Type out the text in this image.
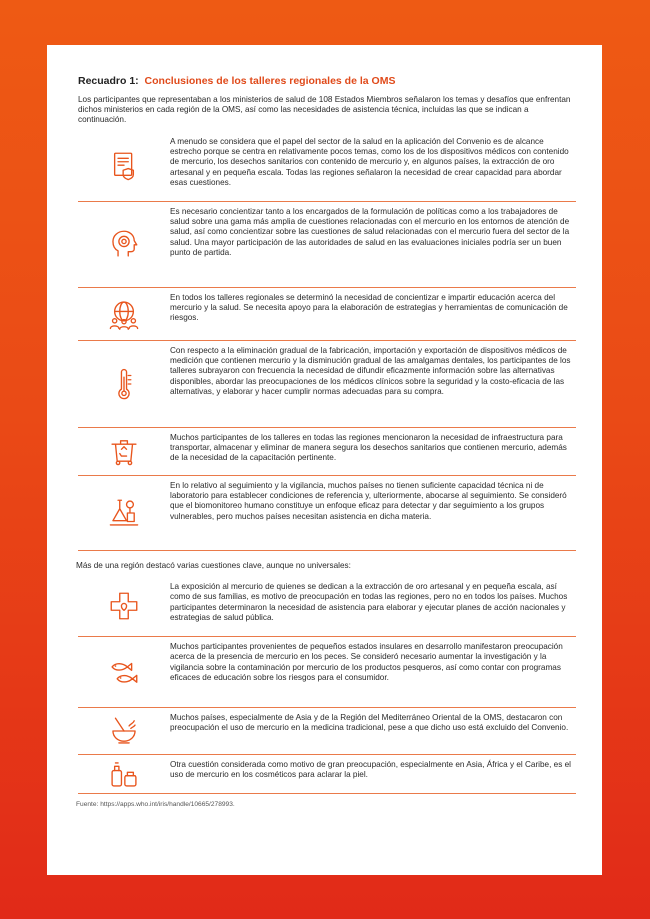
Recuadro 1: Conclusiones de los talleres regionales de la OMS

Los participantes que representaban a los ministerios de salud de 108 Estados Miembros señalaron los temas y desafíos que enfrentan dichos ministerios en cada región de la OMS, así como las necesidades de asistencia técnica, incluidas las que se indican a continuación.

A menudo se considera que el papel del sector de la salud en la aplicación del Convenio es de alcance estrecho porque se centra en relativamente pocos temas, como los de los dispositivos médicos con contenido de mercurio, los desechos sanitarios con contenido de mercurio y, en algunos países, la extracción de oro artesanal y en pequeña escala. Todas las regiones señalaron la necesidad de crear capacidad para abordar esas cuestiones.
Es necesario concientizar tanto a los encargados de la formulación de políticas como a los trabajadores de salud sobre una gama más amplia de cuestiones relacionadas con el mercurio en los entornos de atención de salud, así como concientizar sobre las cuestiones de salud relacionadas con el mercurio fuera del sector de la salud. Una mayor participación de las autoridades de salud en las evaluaciones iniciales podría ser un buen punto de partida.
En todos los talleres regionales se determinó la necesidad de concientizar e impartir educación acerca del mercurio y la salud. Se necesita apoyo para la elaboración de estrategias y herramientas de comunicación de riesgos.
Con respecto a la eliminación gradual de la fabricación, importación y exportación de dispositivos médicos de medición que contienen mercurio y la disminución gradual de las amalgamas dentales, los participantes de los talleres subrayaron con frecuencia la necesidad de difundir eficazmente información sobre las alternativas disponibles, abordar las preocupaciones de los médicos clínicos sobre la seguridad y la costo-eficacia de las alternativas, y elaborar y hacer cumplir normas adecuadas para su compra.
Muchos participantes de los talleres en todas las regiones mencionaron la necesidad de infraestructura para transportar, almacenar y eliminar de manera segura los desechos sanitarios que contienen mercurio, además de la necesidad de la capacitación pertinente.
En lo relativo al seguimiento y la vigilancia, muchos países no tienen suficiente capacidad técnica ni de laboratorio para establecer condiciones de referencia y, ulteriormente, abocarse al seguimiento. Se consideró que el biomonitoreo humano constituye un enfoque eficaz para detectar y dar seguimiento a los grupos vulnerables, pero muchos países necesitan asistencia en dicha materia.

Más de una región destacó varias cuestiones clave, aunque no universales:

La exposición al mercurio de quienes se dedican a la extracción de oro artesanal y en pequeña escala, así como de sus familias, es motivo de preocupación en todas las regiones, pero no en todos los países. Muchos participantes determinaron la necesidad de asistencia para elaborar y ejecutar planes de acción nacionales y estrategias de salud pública.
Muchos participantes provenientes de pequeños estados insulares en desarrollo manifestaron preocupación acerca de la presencia de mercurio en los peces. Se consideró necesario aumentar la investigación y la vigilancia sobre la contaminación por mercurio de los productos pesqueros, así como contar con programas eficaces de educación sobre los riesgos para el consumidor.
Muchos países, especialmente de Asia y de la Región del Mediterráneo Oriental de la OMS, destacaron con preocupación el uso de mercurio en la medicina tradicional, pese a que dicho uso está excluido del Convenio.
Otra cuestión considerada como motivo de gran preocupación, especialmente en Asia, África y el Caribe, es el uso de mercurio en los cosméticos para aclarar la piel.

Fuente: https://apps.who.int/iris/handle/10665/278993.
